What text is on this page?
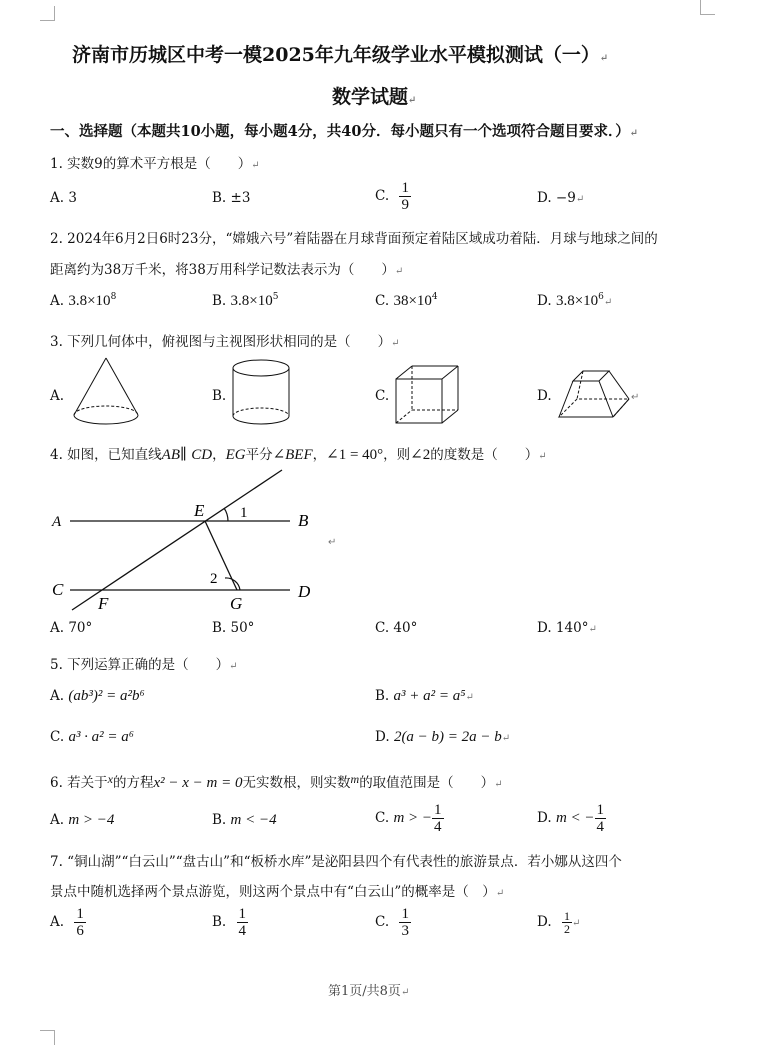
济南市历城区中考一模2025年九年级学业水平模拟测试（一）↵
数学试题↵
一、选择题（本题共10小题，每小题4分，共40分．每小题只有一个选项符合题目要求．）↵
1. 实数9的算术平方根是（　　）↵
A. 3	B. ±3	C. $\frac{1}{9}$	D. −9↵
2. 2024年6月2日6时23分，“嫦娥六号”着陆器在月球背面预定着陆区域成功着陆．月球与地球之间的
距离约为38万千米，将38万用科学记数法表示为（　　）↵
A. $3.8\times 10^8$	B. $3.8\times 10^5$	C. $38\times 10^4$	D. $3.8\times 10^6↵$
3. 下列几何体中，俯视图与主视图形状相同的是（　　）↵
A.	B.	C.	D.	↵
4. 如图，已知直线AB∥ CD，EG平分∠BEF，∠1 = 40°，则∠2的度数是（　　）↵
A	B
C	D
E
F	G
1
2
↵
A. 70°	B. 50°	C. 40°	D. 140°↵
5. 下列运算正确的是（　　）↵
A. (ab³)² = a²b⁶	B. a³ + a² = a⁵↵
C. a³ · a² = a⁶	D. 2(a − b) = 2a − b↵
6. 若关于x的方程x² − x − m = 0无实数根，则实数m的取值范围是（　　）↵
A. m > −4	B. m < −4	C. m > − $\frac{1}{4}$	D. m < − $\frac{1}{4}$
7. “铜山湖”“白云山”“盘古山”和“板桥水库”是泌阳县四个有代表性的旅游景点．若小娜从这四个
景点中随机选择两个景点游览，则这两个景点中有“白云山”的概率是（　）↵
A. $\frac{1}{6}$	B. $\frac{1}{4}$	C. $\frac{1}{3}$	D. $\frac{1}{2}$ ↵
第1页/共8页↵
